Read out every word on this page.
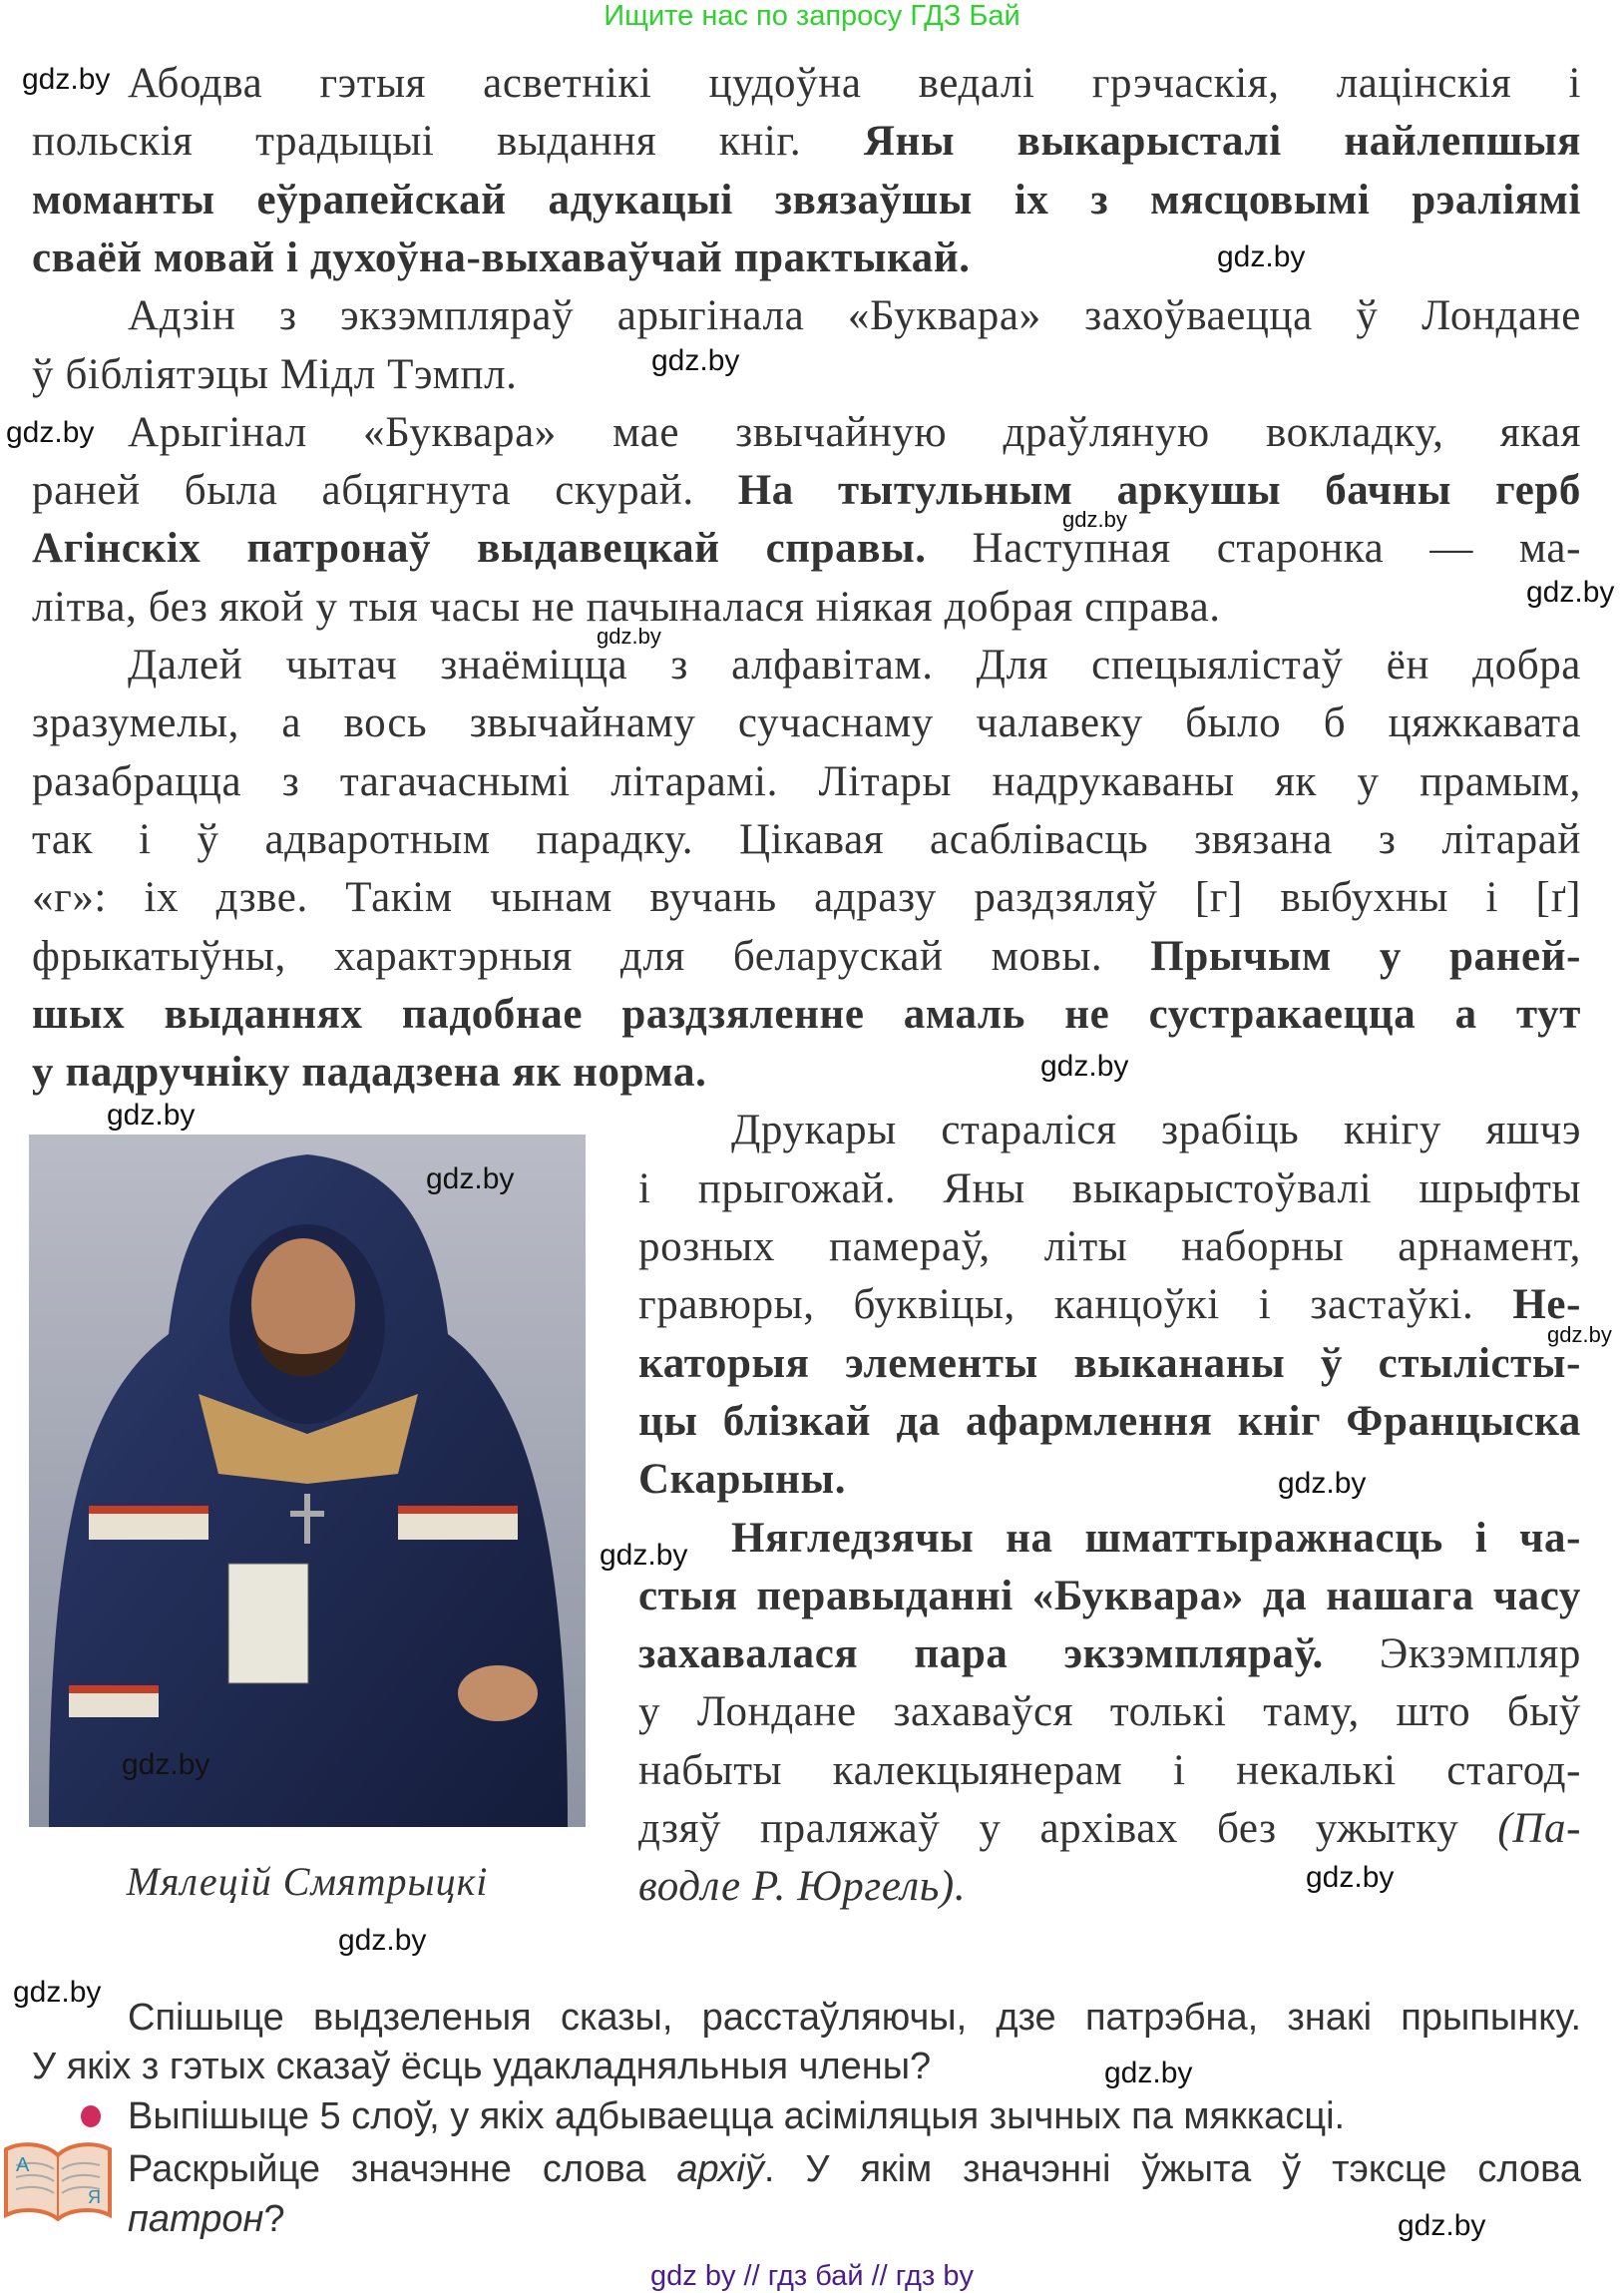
Ищите нас по запросу ГДЗ Бай
Абодва гэтыя асветнікі цудоўна ведалі грэчаскія, лацінскія і
польскія традыцыі выдання кніг. Яны выкарысталі найлепшыя
моманты еўрапейскай адукацыі звязаўшы іх з мясцовымі рэаліямі
сваёй мовай і духоўна-выхаваўчай практыкай.
Адзін з экзэмпляраў арыгінала «Буквара» захоўваецца ў Лондане
ў бібліятэцы Мідл Тэмпл.
Арыгінал «Буквара» мае звычайную драўляную вокладку, якая
раней была абцягнута скурай. На тытульным аркушы бачны герб
Агінскіх патронаў выдавецкай справы. Наступная старонка — ма-
літва, без якой у тыя часы не пачыналася ніякая добрая справа.
Далей чытач знаёміцца з алфавітам. Для спецыялістаў ён добра
зразумелы, а вось звычайнаму сучаснаму чалавеку было б цяжкавата
разабрацца з тагачаснымі літарамі. Літары надрукаваны як у прамым,
так і ў адваротным парадку. Цікавая асаблівасць звязана з літарай
«г»: іх дзве. Такім чынам вучань адразу раздзяляў [г] выбухны і [ґ]
фрыкатыўны, характэрныя для беларускай мовы. Прычым у раней-
шых выданнях падобнае раздзяленне амаль не сустракаецца а тут
у падручніку пададзена як норма.
Друкары стараліся зрабіць кнігу яшчэ
і прыгожай. Яны выкарыстоўвалі шрыфты
розных памераў, літы наборны арнамент,
гравюры, буквіцы, канцоўкі і застаўкі. Не-
каторыя элементы выкананы ў стылісты-
цы блізкай да афармлення кніг Францыска
Скарыны.
Нягледзячы на шматтыражнасць і ча-
стыя перавыданні «Буквара» да нашага часу
захавалася пара экзэмпляраў. Экзэмпляр
у Лондане захаваўся толькі таму, што быў
набыты калекцыянерам і некалькі стагод-
дзяў праляжаў у архівах без ужытку (Па-
водле Р. Юргель).
Мялецій Смятрыцкі
А
Я
Спішыце выдзеленыя сказы, расстаўляючы, дзе патрэбна, знакі прыпынку.
У якіх з гэтых сказаў ёсць удакладняльныя члены?
Выпішыце 5 слоў, у якіх адбываецца асіміляцыя зычных па мяккасці.
Раскрыйце значэнне слова архіў. У якім значэнні ўжыта ў тэксце слова
патрон?
gdz.by
gdz.by
gdz.by
gdz.by
gdz.by
gdz.by
gdz.by
gdz.by
gdz.by
gdz.by
gdz.by
gdz.by
gdz.by
gdz.by
gdz.by
gdz.by
gdz.by
gdz.by
gdz.by
gdz by // гдз бай // гдз by
